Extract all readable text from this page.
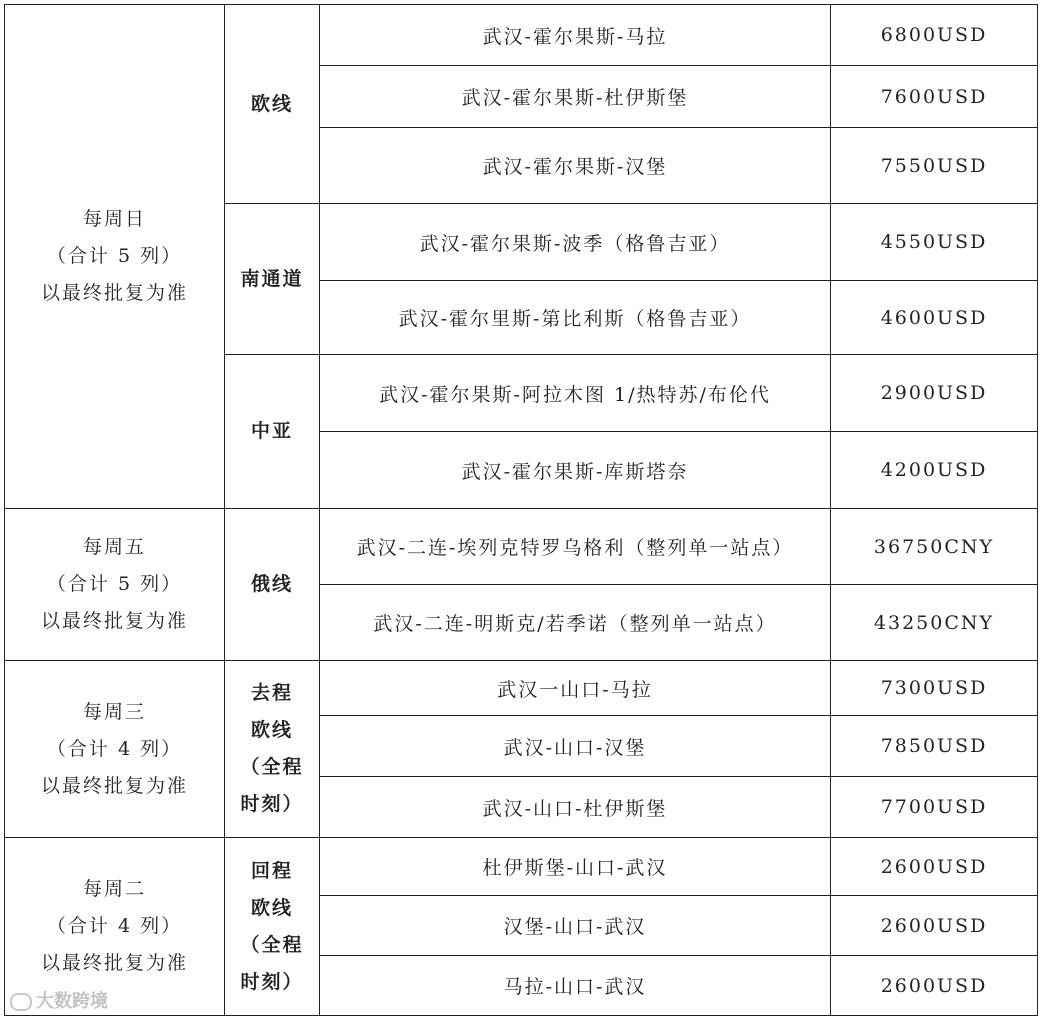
每周日
（合计 5 列）
以最终批复为准	欧线	武汉-霍尔果斯-马拉	6800USD
		武汉-霍尔果斯-杜伊斯堡	7600USD
		武汉-霍尔果斯-汉堡	7550USD

	南通道	武汉-霍尔果斯-波季（格鲁吉亚）	4550USD
		武汉-霍尔里斯-第比利斯（格鲁吉亚）	4600USD

	中亚	武汉-霍尔果斯-阿拉木图 1/热特苏/布伦代	2900USD
		武汉-霍尔果斯-库斯塔奈	4200USD

每周五
（合计 5 列）
以最终批复为准	俄线	武汉-二连-埃列克特罗乌格利（整列单一站点）	36750CNY
		武汉-二连-明斯克/若季诺（整列单一站点）	43250CNY

每周三
（合计 4 列）
以最终批复为准	去程
欧线
（全程
时刻）	武汉一山口-马拉	7300USD
		武汉-山口-汉堡	7850USD
		武汉-山口-杜伊斯堡	7700USD

每周二
（合计 4 列）
以最终批复为准	回程
欧线
（全程
时刻）	杜伊斯堡-山口-武汉	2600USD
		汉堡-山口-武汉	2600USD
		马拉-山口-武汉	2600USD
大数跨境
